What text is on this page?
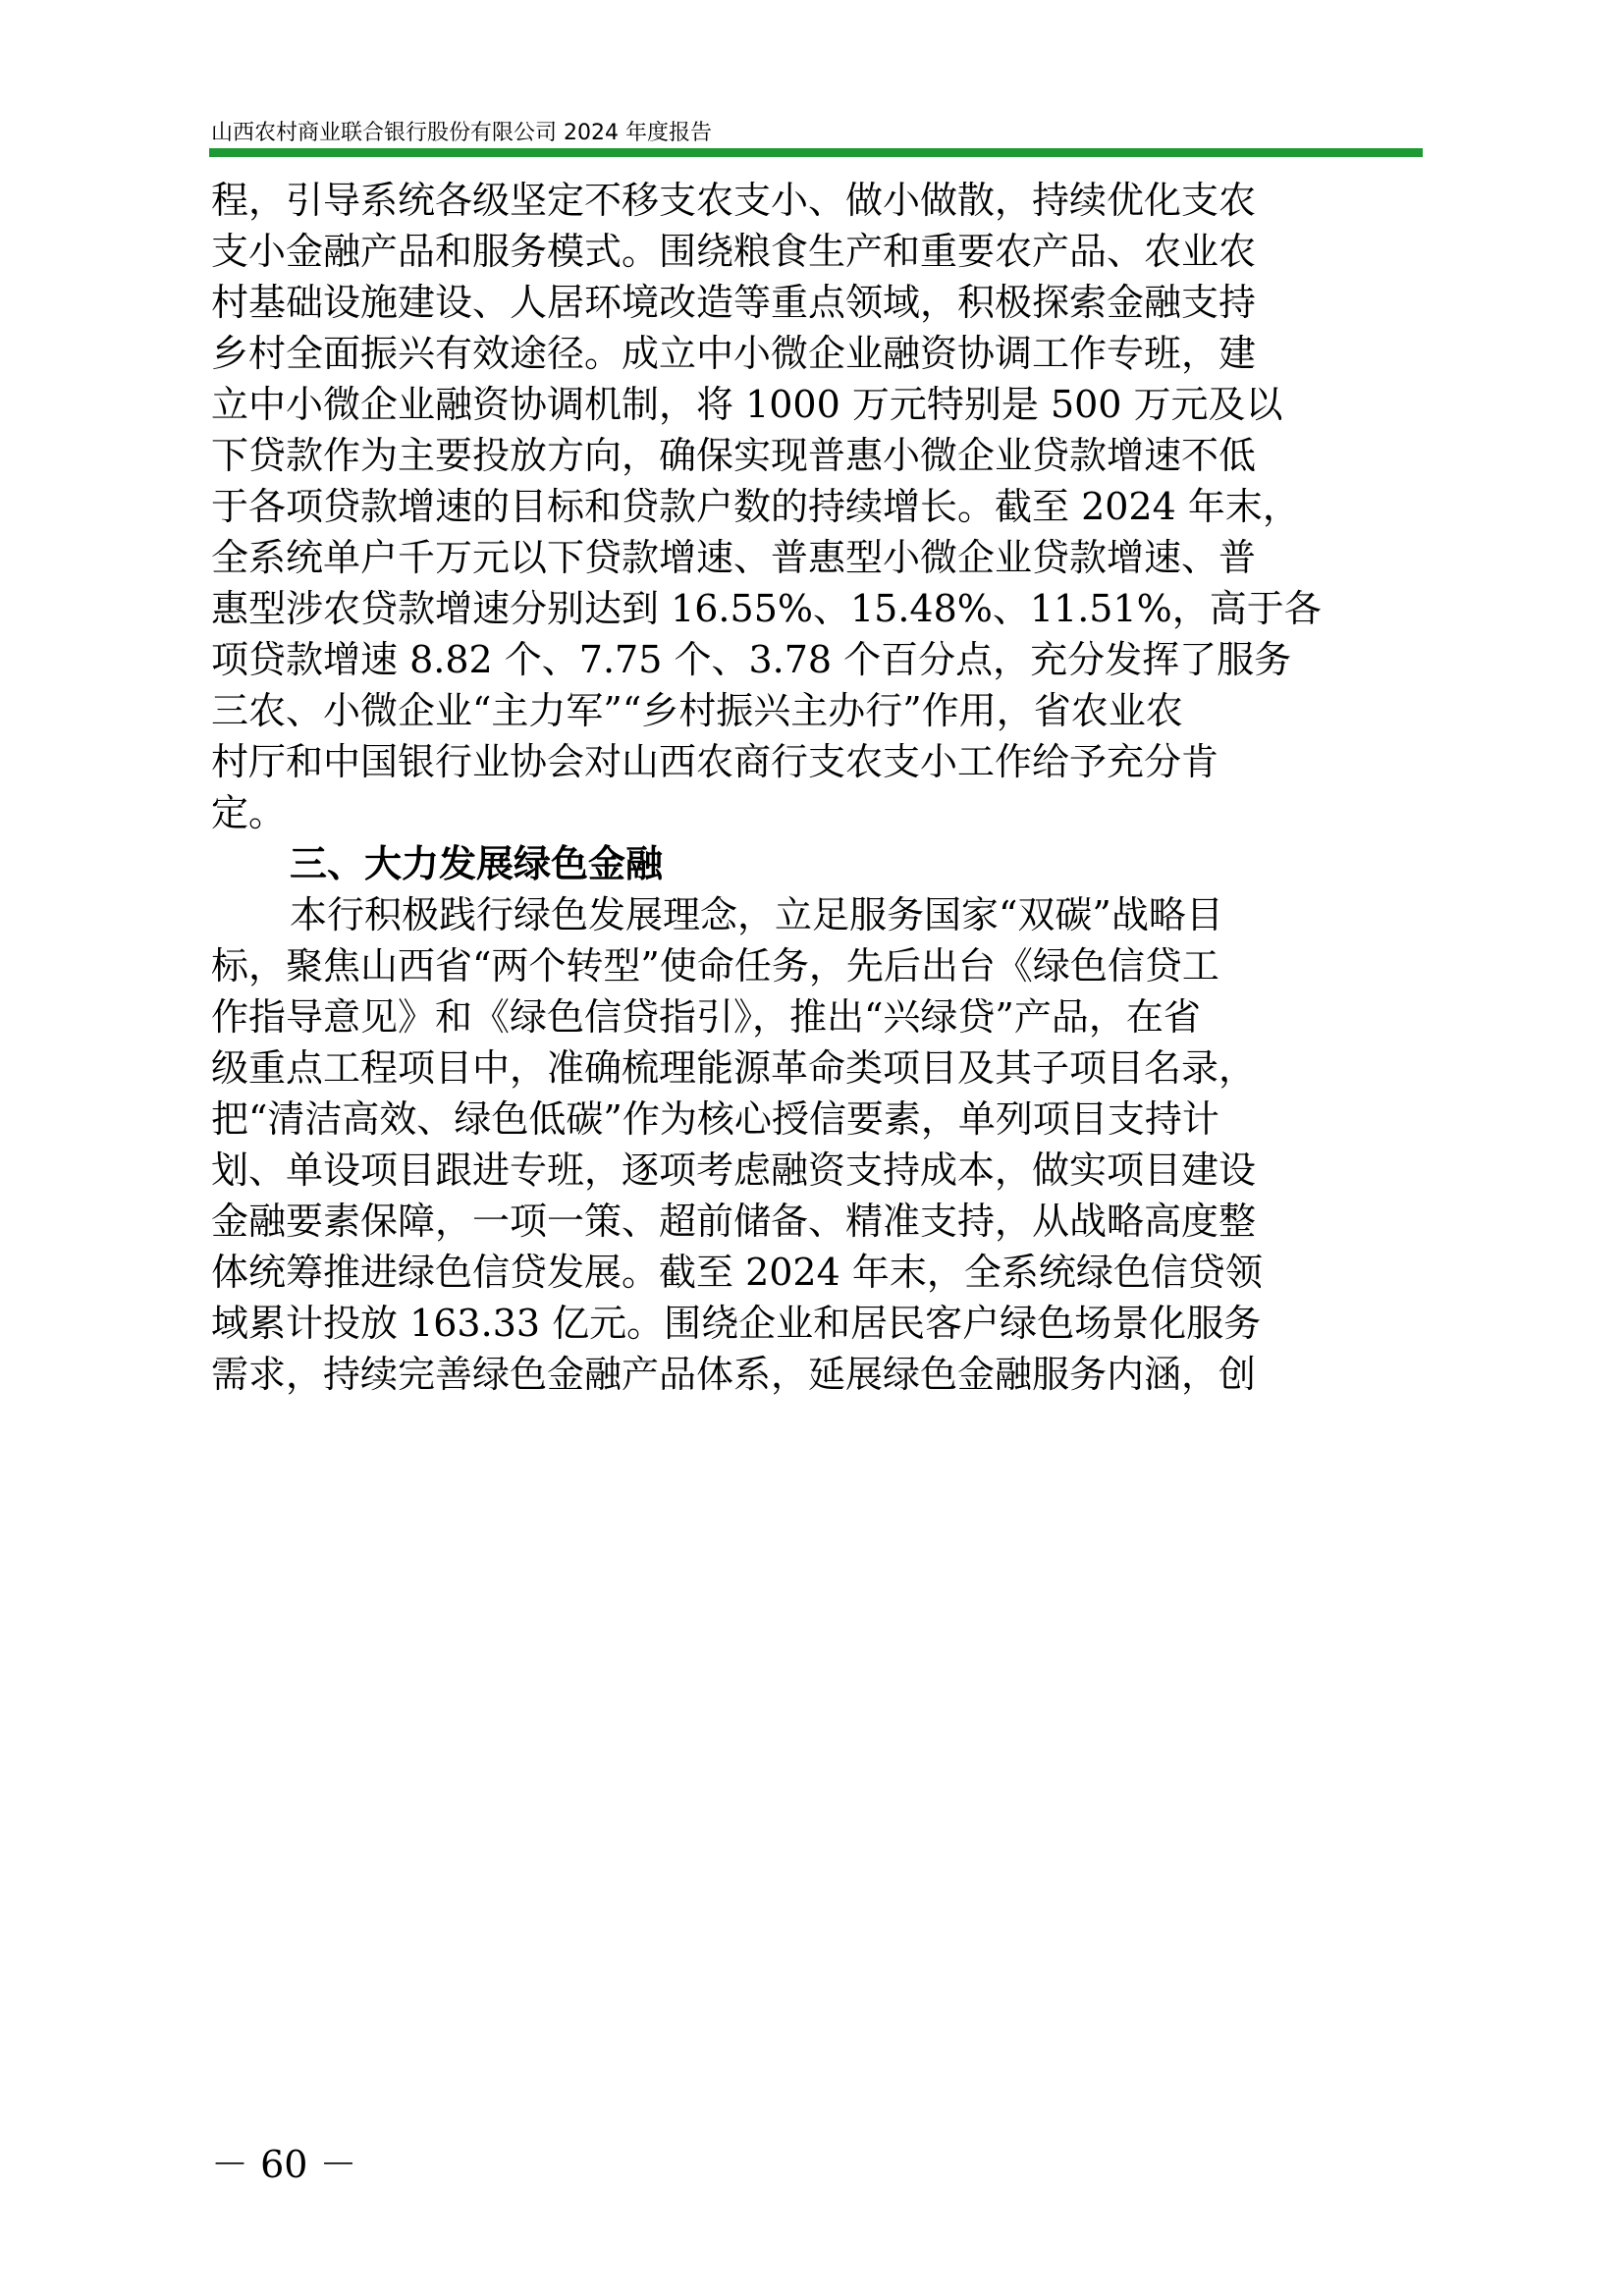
山西农村商业联合银行股份有限公司 2024 年度报告
程，引导系统各级坚定不移支农支小、做小做散，持续优化支农
支小金融产品和服务模式。围绕粮食生产和重要农产品、农业农
村基础设施建设、人居环境改造等重点领域，积极探索金融支持
乡村全面振兴有效途径。成立中小微企业融资协调工作专班，建
立中小微企业融资协调机制，将 1000 万元特别是 500 万元及以
下贷款作为主要投放方向，确保实现普惠小微企业贷款增速不低
于各项贷款增速的目标和贷款户数的持续增长。截至 2024 年末，
全系统单户千万元以下贷款增速、普惠型小微企业贷款增速、普
惠型涉农贷款增速分别达到 16.55%、15.48%、11.51%，高于各
项贷款增速 8.82 个、7.75 个、3.78 个百分点，充分发挥了服务
三农、小微企业“主力军”“乡村振兴主办行”作用，省农业农
村厅和中国银行业协会对山西农商行支农支小工作给予充分肯
定。
三、大力发展绿色金融
本行积极践行绿色发展理念，立足服务国家“双碳”战略目
标，聚焦山西省“两个转型”使命任务，先后出台《绿色信贷工
作指导意见》和《绿色信贷指引》，推出“兴绿贷”产品，在省
级重点工程项目中，准确梳理能源革命类项目及其子项目名录，
把“清洁高效、绿色低碳”作为核心授信要素，单列项目支持计
划、单设项目跟进专班，逐项考虑融资支持成本，做实项目建设
金融要素保障，一项一策、超前储备、精准支持，从战略高度整
体统筹推进绿色信贷发展。截至 2024 年末，全系统绿色信贷领
域累计投放 163.33 亿元。围绕企业和居民客户绿色场景化服务
需求，持续完善绿色金融产品体系，延展绿色金融服务内涵，创
－ 60 －
